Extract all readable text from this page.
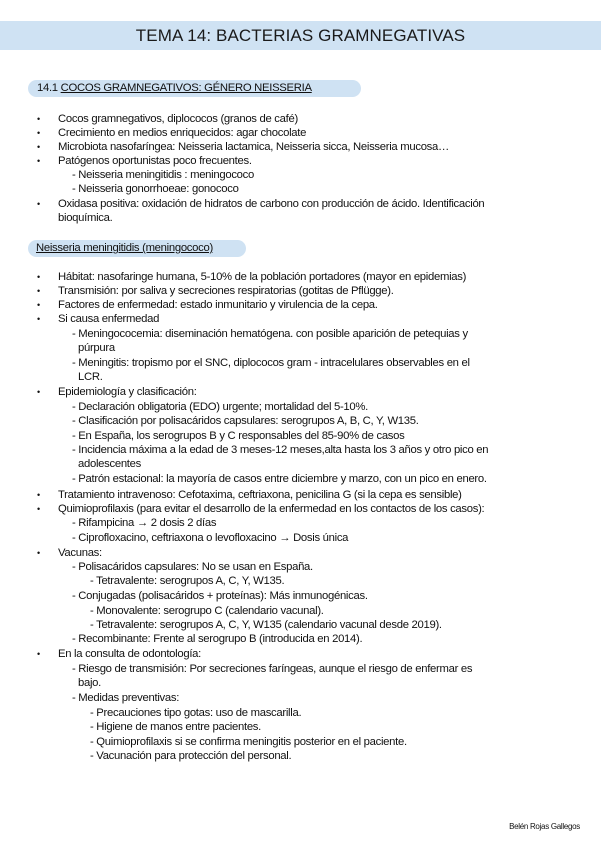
TEMA 14: BACTERIAS GRAMNEGATIVAS
14.1 COCOS GRAMNEGATIVOS: GÉNERO NEISSERIA
• Cocos gramnegativos, diplococos (granos de café)
• Crecimiento en medios enriquecidos: agar chocolate
• Microbiota nasofaríngea: Neisseria lactamica, Neisseria sicca, Neisseria mucosa…
• Patógenos oportunistas poco frecuentes.
- Neisseria meningitidis : meningococo
- Neisseria gonorrhoeae: gonococo
• Oxidasa positiva: oxidación de hidratos de carbono con producción de ácido. Identificación
bioquímica.
Neisseria meningitidis (meningococo)
• Hábitat: nasofaringe humana, 5-10% de la población portadores (mayor en epidemias)
• Transmisión: por saliva y secreciones respiratorias (gotitas de Pflügge).
• Factores de enfermedad: estado inmunitario y virulencia de la cepa.
• Si causa enfermedad
- Meningococemia: diseminación hematógena. con posible aparición de petequias y
púrpura
- Meningitis: tropismo por el SNC, diplococos gram - intracelulares observables en el
LCR.
• Epidemiología y clasificación:
- Declaración obligatoria (EDO) urgente; mortalidad del 5-10%.
- Clasificación por polisacáridos capsulares: serogrupos A, B, C, Y, W135.
- En España, los serogrupos B y C responsables del 85-90% de casos
- Incidencia máxima a la edad de 3 meses-12 meses,alta hasta los 3 años y otro pico en
adolescentes
- Patrón estacional: la mayoría de casos entre diciembre y marzo, con un pico en enero.
• Tratamiento intravenoso: Cefotaxima, ceftriaxona, penicilina G (si la cepa es sensible)
• Quimioprofilaxis (para evitar el desarrollo de la enfermedad en los contactos de los casos):
- Rifampicina → 2 dosis 2 días
- Ciprofloxacino, ceftriaxona o levofloxacino → Dosis única
• Vacunas:
- Polisacáridos capsulares: No se usan en España.
- Tetravalente: serogrupos A, C, Y, W135.
- Conjugadas (polisacáridos + proteínas): Más inmunogénicas.
- Monovalente: serogrupo C (calendario vacunal).
- Tetravalente: serogrupos A, C, Y, W135 (calendario vacunal desde 2019).
- Recombinante: Frente al serogrupo B (introducida en 2014).
• En la consulta de odontología:
- Riesgo de transmisión: Por secreciones faríngeas, aunque el riesgo de enfermar es
bajo.
- Medidas preventivas:
- Precauciones tipo gotas: uso de mascarilla.
- Higiene de manos entre pacientes.
- Quimioprofilaxis si se confirma meningitis posterior en el paciente.
- Vacunación para protección del personal.
Belén Rojas Gallegos
